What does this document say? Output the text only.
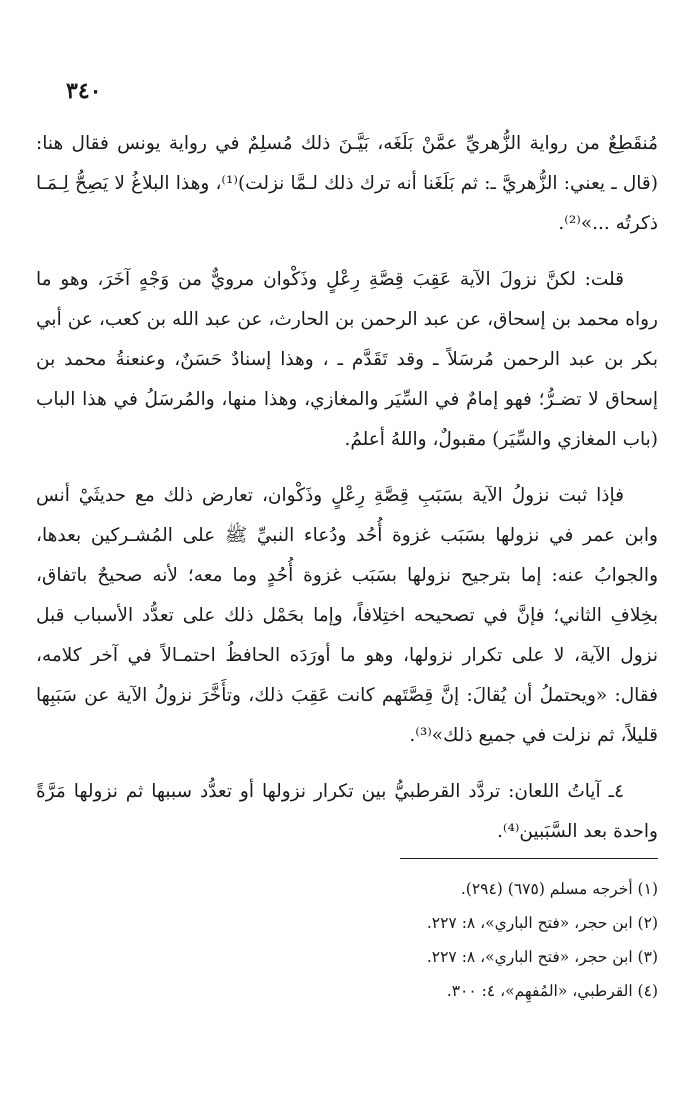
٣٤٠

مُنقَطِعٌ من رواية الزُّهريِّ عمَّنْ بَلَغَه، بَيَّـنَ ذلك مُسلِمٌ في رواية يونس فقال هنا: (قال ـ يعني: الزُّهريَّ ـ: ثم بَلَغَنا أنه ترك ذلك لـمَّا نزلت)⁽¹⁾، وهذا البلاغُ لا يَصِحُّ لِـمَـا ذكرتُه ...»⁽²⁾.

قلت: لكنَّ نزولَ الآية عَقِبَ قِصَّةِ رِعْلٍ وذَكْوان مرويٌّ من وَجْهٍ آخَرَ، وهو ما رواه محمد بن إسحاق، عن عبد الرحمن بن الحارث، عن عبد الله بن كعب، عن أبي بكر بن عبد الرحمن مُرسَلاً ـ وقد تَقَدَّم ـ ، وهذا إسنادٌ حَسَنٌ، وعنعنةُ محمد بن إسحاق لا تضـرُّ؛ فهو إمامٌ في السِّيَر والمغازي، وهذا منها، والمُرسَلُ في هذا الباب (باب المغازي والسِّيَر) مقبولٌ، واللهُ أعلمُ.

فإذا ثبت نزولُ الآية بسَبَبِ قِصَّةِ رِعْلٍ وذَكْوان، تعارض ذلك مع حديثَيْ أنس وابن عمر في نزولها بسَبَب غزوة أُحُد ودُعاء النبيِّ ﷺ على المُشـركين بعدها، والجوابُ عنه: إما بترجيح نزولها بسَبَب غزوة أُحُدٍ وما معه؛ لأنه صحيحٌ باتفاق، بخِلافِ الثاني؛ فإنَّ في تصحيحه اختِلافاً، وإما بحَمْل ذلك على تعدُّد الأسباب قبل نزول الآية، لا على تكرار نزولها، وهو ما أورَدَه الحافظُ احتمـالاً في آخر كلامه، فقال: «ويحتملُ أن يُقالَ: إنَّ قِصَّتَهم كانت عَقِبَ ذلك، وتأَخَّرَ نزولُ الآية عن سَبَبِها قليلاً، ثم نزلت في جميع ذلك»⁽³⁾.

٤ـ آياتُ اللعان: تردَّد القرطبيُّ بين تكرار نزولها أو تعدُّد سببها ثم نزولها مَرَّةً واحدة بعد السَّبَبين⁽⁴⁾.

(١) أخرجه مسلم (٦٧٥) (٢٩٤).
(٢) ابن حجر، «فتح الباري»، ٨: ٢٢٧.
(٣) ابن حجر، «فتح الباري»، ٨: ٢٢٧.
(٤) القرطبي، «المُفهِم»، ٤: ٣٠٠.
